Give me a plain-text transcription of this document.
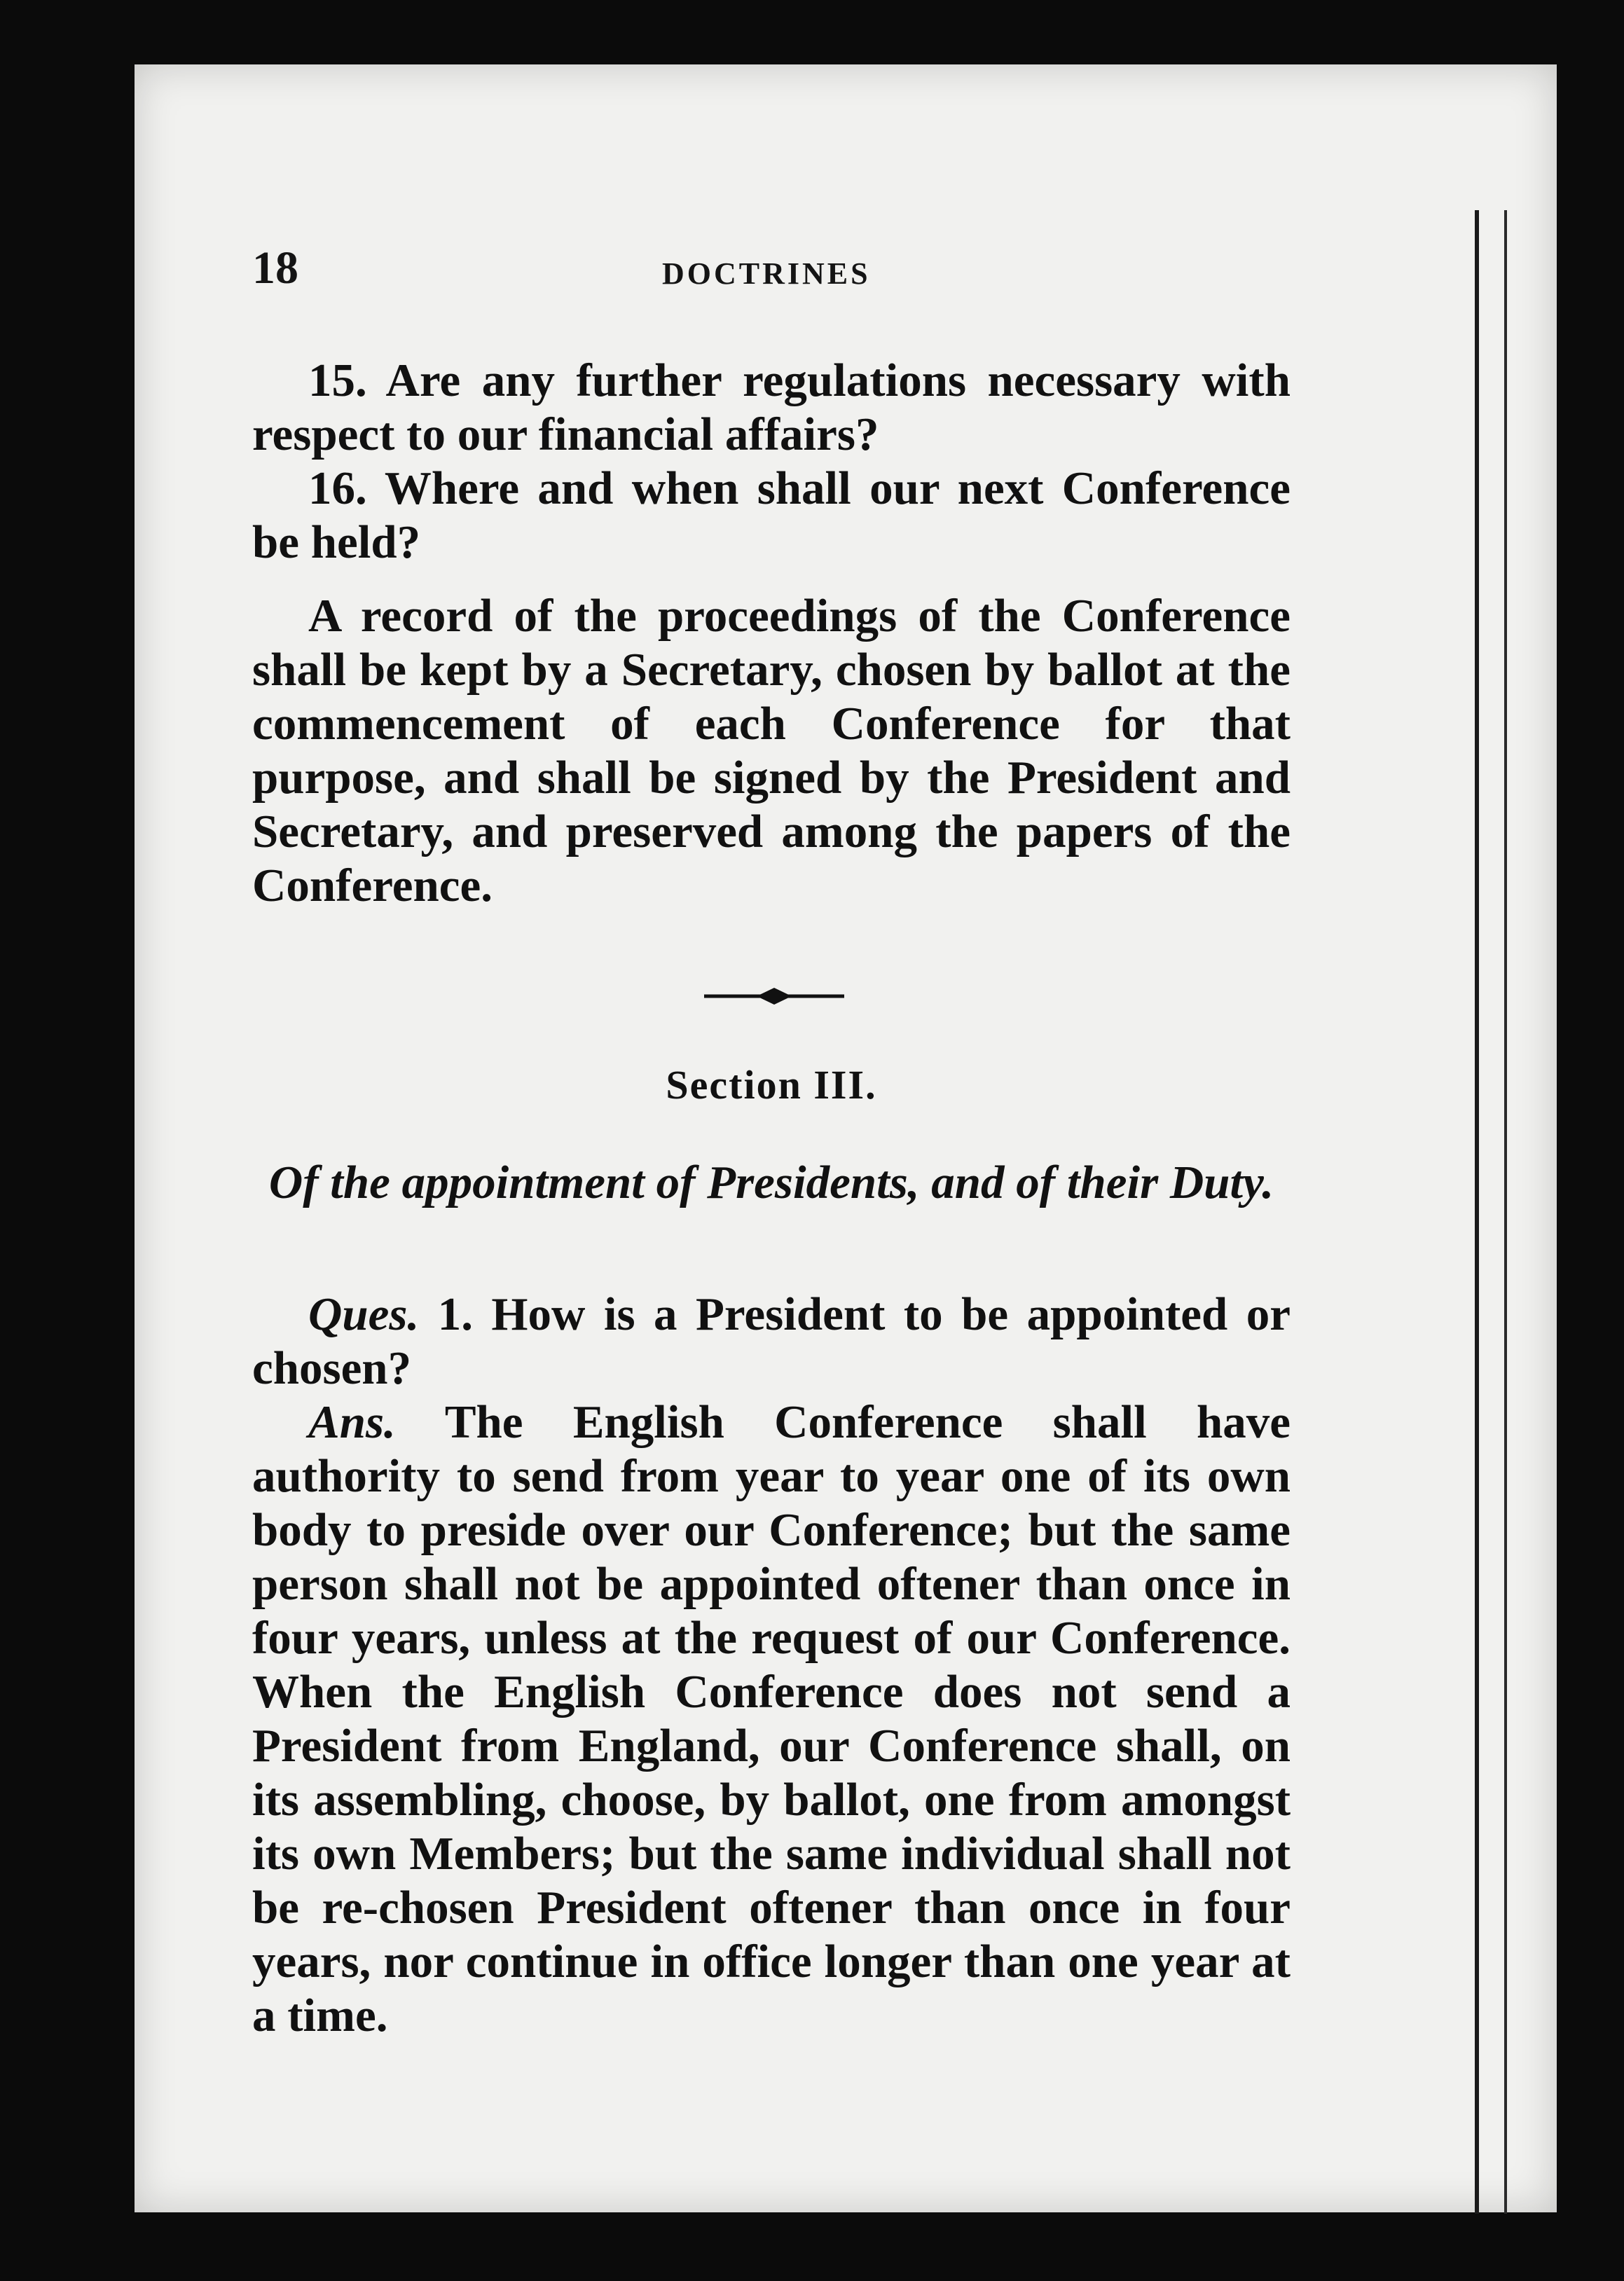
18	DOCTRINES

15. Are any further regulations necessary with respect to our financial affairs?

16. Where and when shall our next Conference be held?

A record of the proceedings of the Conference shall be kept by a Secretary, chosen by ballot at the commencement of each Conference for that purpose, and shall be signed by the President and Secretary, and preserved among the papers of the Conference.

Section III.
Of the appointment of Presidents, and of their Duty.

Ques. 1. How is a President to be appointed or chosen?

Ans. The English Conference shall have authority to send from year to year one of its own body to preside over our Conference; but the same person shall not be appointed oftener than once in four years, unless at the request of our Conference. When the English Conference does not send a President from England, our Conference shall, on its assembling, choose, by ballot, one from amongst its own Members; but the same individual shall not be re-chosen President oftener than once in four years, nor continue in office longer than one year at a time.
